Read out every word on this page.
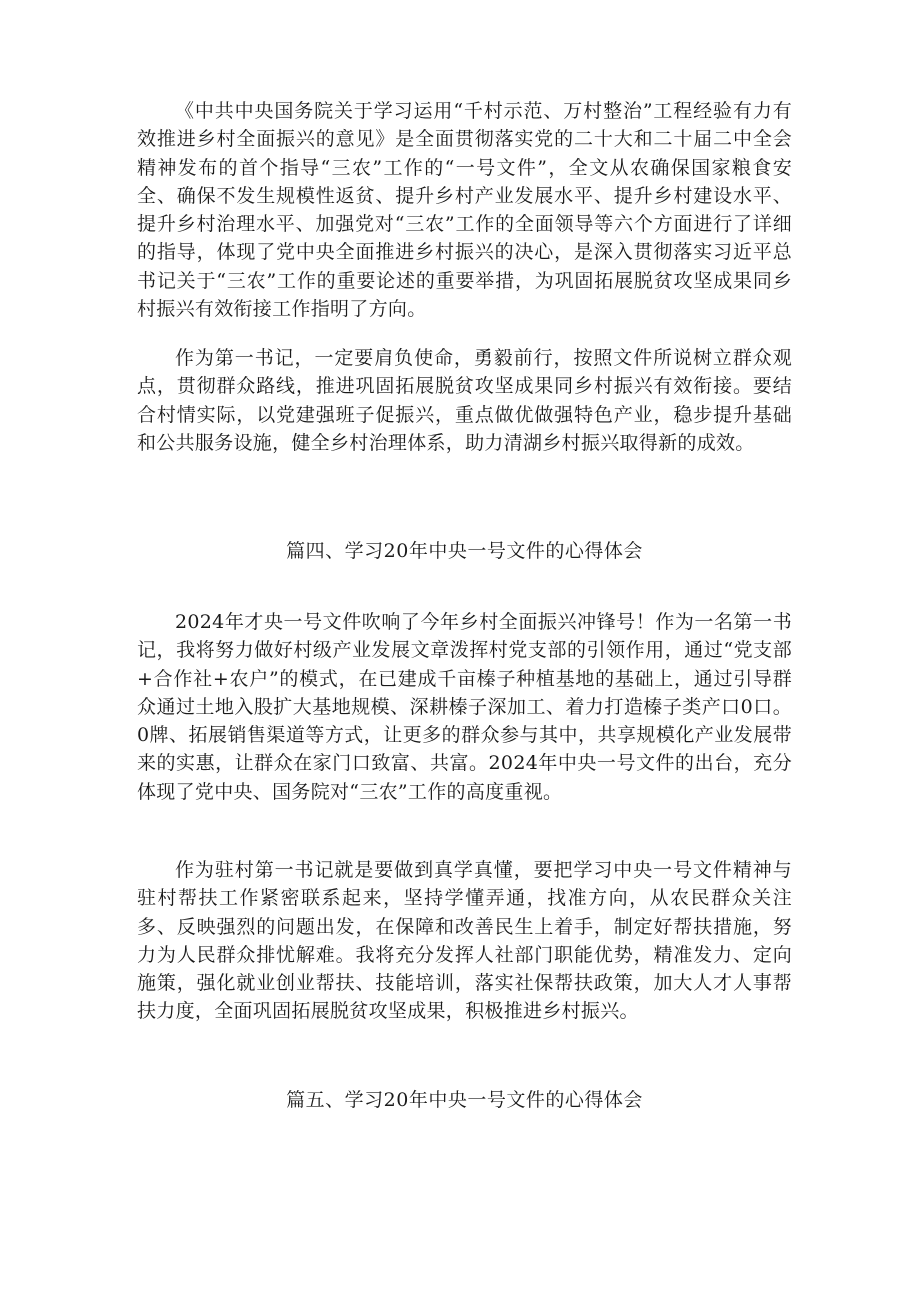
《中共中央国务院关于学习运用“千村示范、万村整治”工程经验有力有效推进乡村全面振兴的意见》是全面贯彻落实党的二十大和二十届二中全会精神发布的首个指导“三农”工作的“一号文件”，全文从农确保国家粮食安全、确保不发生规模性返贫、提升乡村产业发展水平、提升乡村建设水平、提升乡村治理水平、加强党对“三农”工作的全面领导等六个方面进行了详细的指导，体现了党中央全面推进乡村振兴的决心，是深入贯彻落实习近平总书记关于“三农”工作的重要论述的重要举措，为巩固拓展脱贫攻坚成果同乡村振兴有效衔接工作指明了方向。

作为第一书记，一定要肩负使命，勇毅前行，按照文件所说树立群众观点，贯彻群众路线，推进巩固拓展脱贫攻坚成果同乡村振兴有效衔接。要结合村情实际，以党建强班子促振兴，重点做优做强特色产业，稳步提升基础和公共服务设施，健全乡村治理体系，助力清湖乡村振兴取得新的成效。

篇四、学习20年中央一号文件的心得体会

2024年才央一号文件吹响了今年乡村全面振兴冲锋号！作为一名第一书记，我将努力做好村级产业发展文章泼挥村党支部的引领作用，通过“党支部+合作社+农户”的模式，在已建成千亩榛子种植基地的基础上，通过引导群众通过土地入股扩大基地规模、深耕榛子深加工、着力打造榛子类产口0口。0牌、拓展销售渠道等方式，让更多的群众参与其中，共享规模化产业发展带来的实惠，让群众在家门口致富、共富。2024年中央一号文件的出台，充分体现了党中央、国务院对“三农”工作的高度重视。

作为驻村第一书记就是要做到真学真懂，要把学习中央一号文件精神与驻村帮扶工作紧密联系起来，坚持学懂弄通，找准方向，从农民群众关注多、反映强烈的问题出发，在保障和改善民生上着手，制定好帮扶措施，努力为人民群众排忧解难。我将充分发挥人社部门职能优势，精准发力、定向施策，强化就业创业帮扶、技能培训，落实社保帮扶政策，加大人才人事帮扶力度，全面巩固拓展脱贫攻坚成果，积极推进乡村振兴。

篇五、学习20年中央一号文件的心得体会
